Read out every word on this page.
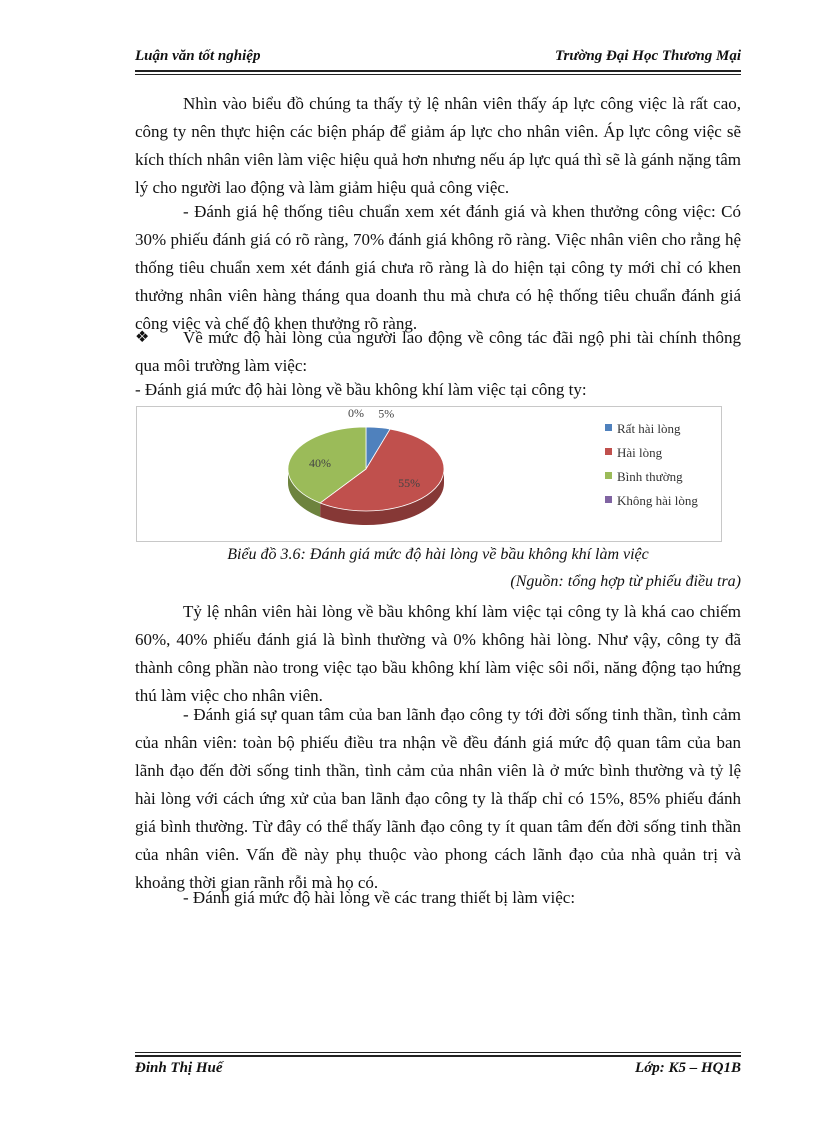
Luận văn tốt nghiệp	Trường Đại Học Thương Mại
Nhìn vào biểu đồ chúng ta thấy tỷ lệ nhân viên thấy áp lực công việc là rất cao, công ty nên thực hiện các biện pháp để giảm áp lực cho nhân viên. Áp lực công việc sẽ kích thích nhân viên làm việc hiệu quả hơn nhưng nếu áp lực quá thì sẽ là gánh nặng tâm lý cho người lao động và làm giảm hiệu quả công việc.
- Đánh giá hệ thống tiêu chuẩn xem xét đánh giá và khen thưởng công việc: Có 30% phiếu đánh giá có rõ ràng, 70% đánh giá không rõ ràng. Việc nhân viên cho rằng hệ thống tiêu chuẩn xem xét đánh giá chưa rõ ràng là do hiện tại công ty mới chỉ có khen thưởng nhân viên hàng tháng qua doanh thu mà chưa có hệ thống tiêu chuẩn đánh giá công việc và chế độ khen thưởng rõ ràng.
❖	Về mức độ hài lòng của người lao động về công tác đãi ngộ phi tài chính thông qua môi trường làm việc:
- Đánh giá mức độ hài lòng về bầu không khí làm việc tại công ty:
5%
55%
40%
0%
Rất hài lòng
Hài lòng
Bình thường
Không hài lòng
Biểu đồ 3.6: Đánh giá mức độ hài lòng về bầu không khí làm việc
(Nguồn: tổng hợp từ phiếu điều tra)
Tỷ lệ nhân viên hài lòng về bầu không khí làm việc tại công ty là khá cao chiếm 60%, 40% phiếu đánh giá là bình thường và 0% không hài lòng. Như vậy, công ty đã thành công phần nào trong việc tạo bầu không khí làm việc sôi nổi, năng động tạo hứng thú làm việc cho nhân viên.
- Đánh giá sự quan tâm của ban lãnh đạo công ty tới đời sống tinh thần, tình cảm của nhân viên: toàn bộ phiếu điều tra nhận về đều đánh giá mức độ quan tâm của ban lãnh đạo đến đời sống tinh thần, tình cảm của nhân viên là ở mức bình thường và tỷ lệ hài lòng với cách ứng xử của ban lãnh đạo công ty là thấp chỉ có 15%, 85% phiếu đánh giá bình thường. Từ đây có thể thấy lãnh đạo công ty ít quan tâm đến đời sống tinh thần của nhân viên. Vấn đề này phụ thuộc vào phong cách lãnh đạo của nhà quản trị và khoảng thời gian rãnh rỗi mà họ có.
- Đánh giá mức độ hài lòng về các trang thiết bị làm việc:
Đinh Thị Huế	Lớp: K5 – HQ1B
